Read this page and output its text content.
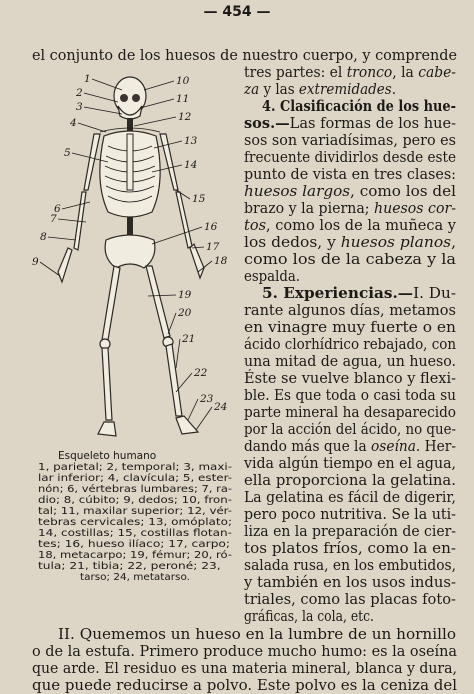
— 454 —
el conjunto de los huesos de nuestro cuerpo, y comprende
tres partes: el tronco, la cabe-
za y las extremidades.
4. Clasificación de los hue-
sos.—Las formas de los hue-
sos son variadísimas, pero es
frecuente dividirlos desde este
punto de vista en tres clases:
huesos largos, como los del
brazo y la pierna; huesos cor-
tos, como los de la muñeca y
los dedos, y huesos planos,
como los de la cabeza y la
espalda.
5. Experiencias.—I. Du-
rante algunos días, metamos
en vinagre muy fuerte o en
ácido clorhídrico rebajado, con
una mitad de agua, un hueso.
Éste se vuelve blanco y flexi-
ble. Es que toda o casi toda su
parte mineral ha desaparecido
por la acción del ácido, no que-
dando más que la oseína. Her-
vida algún tiempo en el agua,
ella proporciona la gelatina.
La gelatina es fácil de digerir,
pero poco nutritiva. Se la uti-
liza en la preparación de cier-
tos platos fríos, como la en-
salada rusa, en los embutidos,
y también en los usos indus-
triales, como las placas foto-
gráficas, la cola, etc.
II. Quememos un hueso en la lumbre de un hornillo
o de la estufa. Primero produce mucho humo: es la oseína
que arde. El residuo es una materia mineral, blanca y dura,
que puede reducirse a polvo. Este polvo es la ceniza del
1
2
3
4
5
6
7
8
9
10
11
12
13
14
15
16
17
18
19
20
21
22
23
24
Esqueleto humano
1, parietal; 2, temporal; 3, maxi-
lar inferior; 4, clavícula; 5, ester-
nón; 6, vértebras lumbares; 7, ra-
dio; 8, cúbito; 9, dedos; 10, fron-
tal; 11, maxilar superior; 12, vér-
tebras cervicales; 13, omóplato;
14, costillas; 15, costillas flotan-
tes; 16, hueso ilíaco; 17, carpo;
18, metacarpo; 19, fémur; 20, ró-
tula; 21, tibia; 22, peroné; 23,
tarso; 24, metatarso.
